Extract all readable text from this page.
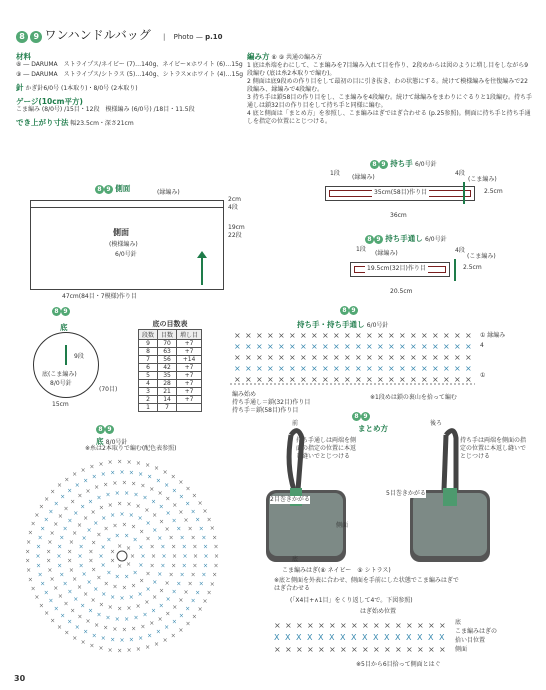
8 9 ワンハンドルバッグ | Photo — p.10
材料
⑧ ― DARUMA　ストライプス/ネイビー (7)…140g、ネイビー×ホワイト (6)…15g
⑨ ― DARUMA　ストライプス/シトラス (5)…140g、シトラス×ホワイト (4)…15g
針 かぎ針6/0号 (1本取り)・8/0号 (2本取り)
ゲージ(10cm平方)
こま編み (8/0号) /15目・12段　模様編み (6/0号) /18目・11.5段
でき上がり寸法 幅23.5cm・深さ21cm
編み方 ⑧ ⑨ 共通の編み方
1 底は糸端をわにして、こま編みを7目編み入れて目を作り、2段めからは図のように増し目をしながら9段編む (底は糸2本取りで編む)。
2 側面は底9段めの作り目をして最初の目に引き抜き、わの状態にする。続けて模様編みを往復編みで22段編み、縁編みで4段編む。
3 持ち手は鎖58目の作り目をし、こま編みを4段編む。続けて縁編みをまわりにぐるりと1段編む。持ち手通しは鎖32目の作り目をして持ち手と同様に編む。
4 底と側面は「まとめ方」を参照し、こま編みはぎではぎ合わせる (p.25参照)。側面に持ち手と持ち手通しを指定の位置にとじつける。
8 9 側面	(縁編み)
側面
(模様編み)
6/0号針
2cm
4段
19cm
22段
47cm(84目・7模様)作り目
8 9 持ち手 6/0号針
1段
(縁編み)
4段
(こま編み)
35cm(58目)作り目	2.5cm
36cm
8 9 持ち手通し 6/0号針
1段
(縁編み)	4段
(こま編み)
19.5cm(32目)作り目	2.5cm
20.5cm
8 9
底
9段
底(こま編み)
8/0号針
(70目)
15cm
底の目数表
段数	目数	増し目
9	70	+7
8	63	+7
7	56	+14
6	42	+7
5	35	+7
4	28	+7
3	21	+7
2	14	+7
1	7	
8 9
持ち手・持ち手通し 6/0号針
× × × × × × × × × × × × × × × × × × × × × ×
× × × × × × × × × × × × × × × × × × × × × ×
× × × × × × × × × × × × × × × × × × × × × ×
× × × × × × × × × × × × × × × × × × × × × ×
× × × × × × × × × × × × × × × × × × × × × ×
① 縁編み
4

①
編み始め
持ち手通し＝鎖(32目)作り目
持ち手＝鎖(58目)作り目
※1段めは鎖の裏山を拾って編む
8 9
底 8/0号針
※糸は2本取りで編む(配色表参照)
×
×
×
×
×
× ×
×
×
×
×
×
×
×
×
×
×
× ×
×
×
×
×
×
×
×
×
×
×
×
×
×
×
×
×
× × × ×
×
×
×
×
×
×
×
×
×
×
×
×
×
×
×
×
×
×
×
×
×
×
× × × × ×
×
×
×
×
×
×
×
×
×
×
×
×
×
×
×
×
×
×
×
×
×
×
×
×
×
×
×
×
× × × × ×
×
×
×
×
×
×
×
×
×
×
×
×
×
×
×
×
×
×
×
×
×
×
×
×
×
×
×
×
×
×
×
×
×
×
×
× × × × × ×
×
×
×
×
×
×
×
×
×
×
×
×
×
×
×
×
×
×
×
×
×
×
×
×
×
×
×
×
×
×
×
×
×
×
×
×
×
×
×
×
×
× × × × × × ×
×
×
×
×
×
×
×
×
×
×
×
×
×
×
×
×
×
×
×
×
×
×
×
×
×
×
×
×
×
×
×
×
×
×
×
×
×
×
×
×
×
×
×
×
×
×
×
× × × × × × ×
×
×
×
×
×
×
×
×
×
×
×
×
×
×
×
×
×
×
×
×
×
×
×
×
×
×
×
×
×
×
×
×
×
×
×
×
×
×
×
×
×
×
×
×
×
×
×
×
×
×
×
×
×
× × × × × × × × ×
×
×
×
×
×
×
×
×
×
×
×
8 9
まとめ方
前	後ろ
持ち手通しは両端を側面の指定の位置に本返し縫いでとじつける
持ち手は両端を側面の指定の位置に本返し縫いでとじつける
2目巻きかがる
5目巻きかがる
側面
底
こま編みはぎ(⑧ ネイビー　⑨ シトラス)
※底と側面を外表に合わせ、側面を手前にした状態でこま編みはぎではぎ合わせる
(「X4目+∧1目」をくり返して4で。下図参照)
はぎ始め位置
× × × × × × × × × × × × × × × ×
X X X X X X X X X X X X X X X X
× × × × × × × × × × × × × × × ×
底
こま編みはぎの
拾い目位置
側面
※5目から6目拾って側面とはぐ
30
